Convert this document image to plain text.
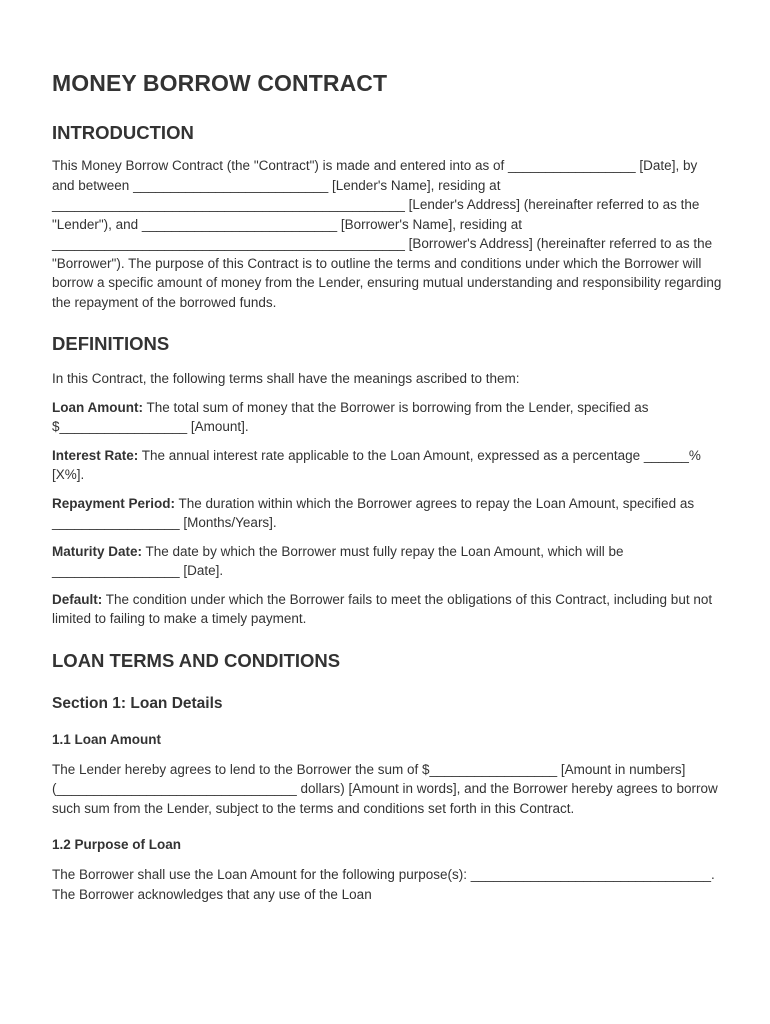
MONEY BORROW CONTRACT
INTRODUCTION

This Money Borrow Contract (the "Contract") is made and entered into as of _________________ [Date], by and between __________________________ [Lender's Name], residing at _______________________________________________ [Lender's Address] (hereinafter referred to as the "Lender"), and __________________________ [Borrower's Name], residing at _______________________________________________ [Borrower's Address] (hereinafter referred to as the "Borrower"). The purpose of this Contract is to outline the terms and conditions under which the Borrower will borrow a specific amount of money from the Lender, ensuring mutual understanding and responsibility regarding the repayment of the borrowed funds.

DEFINITIONS

In this Contract, the following terms shall have the meanings ascribed to them:

Loan Amount: The total sum of money that the Borrower is borrowing from the Lender, specified as $_________________ [Amount].

Interest Rate: The annual interest rate applicable to the Loan Amount, expressed as a percentage ______% [X%].

Repayment Period: The duration within which the Borrower agrees to repay the Loan Amount, specified as _________________ [Months/Years].

Maturity Date: The date by which the Borrower must fully repay the Loan Amount, which will be _________________ [Date].

Default: The condition under which the Borrower fails to meet the obligations of this Contract, including but not limited to failing to make a timely payment.

LOAN TERMS AND CONDITIONS
Section 1: Loan Details
1.1 Loan Amount

The Lender hereby agrees to lend to the Borrower the sum of $_________________ [Amount in numbers] (________________________________ dollars) [Amount in words], and the Borrower hereby agrees to borrow such sum from the Lender, subject to the terms and conditions set forth in this Contract.

1.2 Purpose of Loan

The Borrower shall use the Loan Amount for the following purpose(s): ________________________________. The Borrower acknowledges that any use of the Loan
